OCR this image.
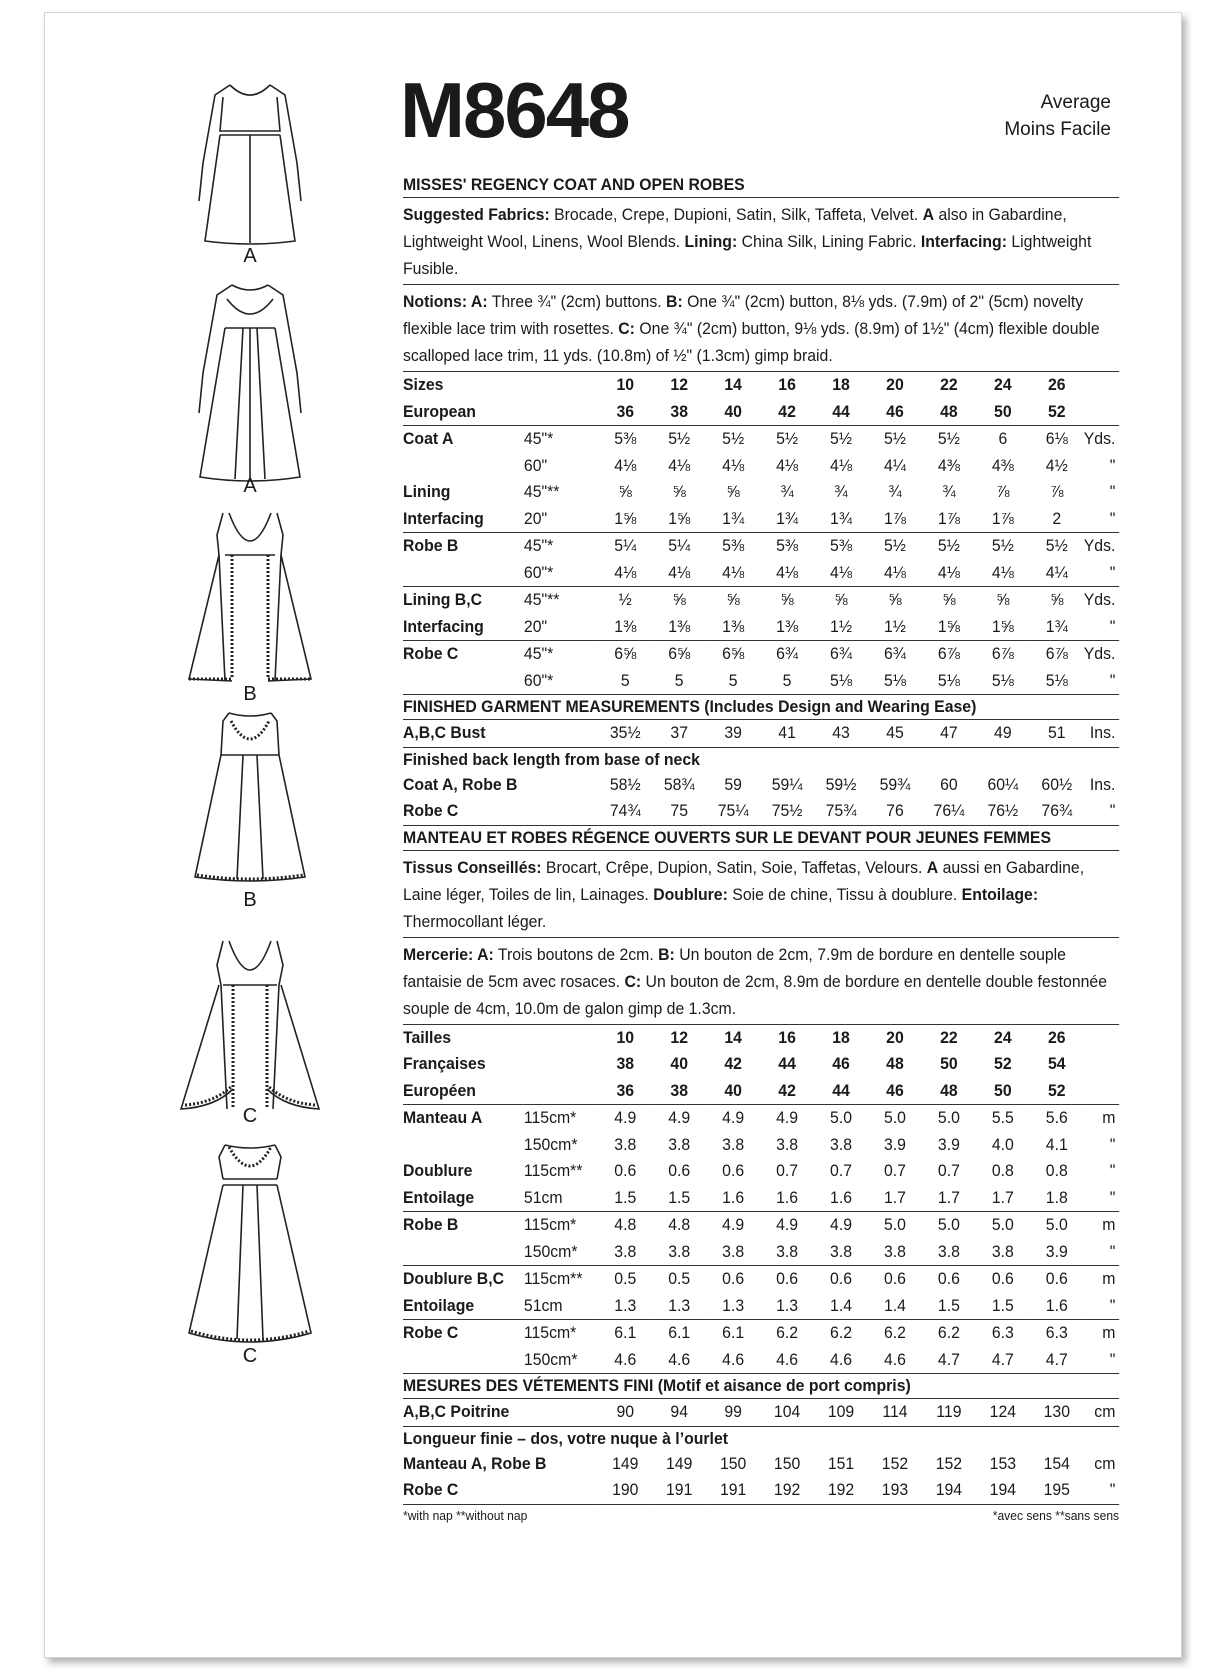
M8648	Average
Moins Facile
A
A
B
B
C
C
MISSES' REGENCY COAT AND OPEN ROBES
Suggested Fabrics: Brocade, Crepe, Dupioni, Satin, Silk, Taffeta, Velvet. A also in Gabardine, Lightweight Wool, Linens, Wool Blends. Lining: China Silk, Lining Fabric. Interfacing: Lightweight Fusible.
Notions: A: Three ¾" (2cm) buttons. B: One ¾" (2cm) button, 8⅛ yds. (7.9m) of 2" (5cm) novelty flexible lace trim with rosettes. C: One ¾" (2cm) button, 9⅛ yds. (8.9m) of 1½" (4cm) flexible double scalloped lace trim, 11 yds. (10.8m) of ½" (1.3cm) gimp braid.
Sizes	10	12	14	16	18	20	22	24	26	
European	36	38	40	42	44	46	48	50	52	
Coat A	45"*	5⅜	5½	5½	5½	5½	5½	5½	6	6⅛	Yds.
	60"	4⅛	4⅛	4⅛	4⅛	4⅛	4¼	4⅜	4⅜	4½	"
Lining	45"**	⅝	⅝	⅝	¾	¾	¾	¾	⅞	⅞	"
Interfacing	20"	1⅝	1⅝	1¾	1¾	1¾	1⅞	1⅞	1⅞	2	"
Robe B	45"*	5¼	5¼	5⅜	5⅜	5⅜	5½	5½	5½	5½	Yds.
	60"*	4⅛	4⅛	4⅛	4⅛	4⅛	4⅛	4⅛	4⅛	4¼	"
Lining B,C	45"**	½	⅝	⅝	⅝	⅝	⅝	⅝	⅝	⅝	Yds.
Interfacing	20"	1⅜	1⅜	1⅜	1⅜	1½	1½	1⅝	1⅝	1¾	"
Robe C	45"*	6⅝	6⅝	6⅝	6¾	6¾	6¾	6⅞	6⅞	6⅞	Yds.
	60"*	5	5	5	5	5⅛	5⅛	5⅛	5⅛	5⅛	"
FINISHED GARMENT MEASUREMENTS (Includes Design and Wearing Ease)
A,B,C Bust	35½	37	39	41	43	45	47	49	51	Ins.
Finished back length from base of neck
Coat A, Robe B	58½	58¾	59	59¼	59½	59¾	60	60¼	60½	Ins.
Robe C	74¾	75	75¼	75½	75¾	76	76¼	76½	76¾	"
MANTEAU ET ROBES RÉGENCE OUVERTS SUR LE DEVANT POUR JEUNES FEMMES
Tissus Conseillés: Brocart, Crêpe, Dupion, Satin, Soie, Taffetas, Velours. A aussi en Gabardine, Laine léger, Toiles de lin, Lainages. Doublure: Soie de chine, Tissu à doublure. Entoilage: Thermocollant léger.
Mercerie: A: Trois boutons de 2cm. B: Un bouton de 2cm, 7.9m de bordure en dentelle souple fantaisie de 5cm avec rosaces. C: Un bouton de 2cm, 8.9m de bordure en dentelle double festonnée souple de 4cm, 10.0m de galon gimp de 1.3cm.
Tailles	10	12	14	16	18	20	22	24	26	
Françaises	38	40	42	44	46	48	50	52	54	
Européen	36	38	40	42	44	46	48	50	52	
Manteau A	115cm*	4.9	4.9	4.9	4.9	5.0	5.0	5.0	5.5	5.6	m
	150cm*	3.8	3.8	3.8	3.8	3.8	3.9	3.9	4.0	4.1	"
Doublure	115cm**	0.6	0.6	0.6	0.7	0.7	0.7	0.7	0.8	0.8	"
Entoilage	51cm	1.5	1.5	1.6	1.6	1.6	1.7	1.7	1.7	1.8	"
Robe B	115cm*	4.8	4.8	4.9	4.9	4.9	5.0	5.0	5.0	5.0	m
	150cm*	3.8	3.8	3.8	3.8	3.8	3.8	3.8	3.8	3.9	"
Doublure B,C	115cm**	0.5	0.5	0.6	0.6	0.6	0.6	0.6	0.6	0.6	m
Entoilage	51cm	1.3	1.3	1.3	1.3	1.4	1.4	1.5	1.5	1.6	"
Robe C	115cm*	6.1	6.1	6.1	6.2	6.2	6.2	6.2	6.3	6.3	m
	150cm*	4.6	4.6	4.6	4.6	4.6	4.6	4.7	4.7	4.7	"
MESURES DES VÉTEMENTS FINI (Motif et aisance de port compris)
A,B,C Poitrine	90	94	99	104	109	114	119	124	130	cm
Longueur finie – dos, votre nuque à l’ourlet
Manteau A, Robe B	149	149	150	150	151	152	152	153	154	cm
Robe C	190	191	191	192	192	193	194	194	195	"
*with nap **without nap	*avec sens **sans sens
